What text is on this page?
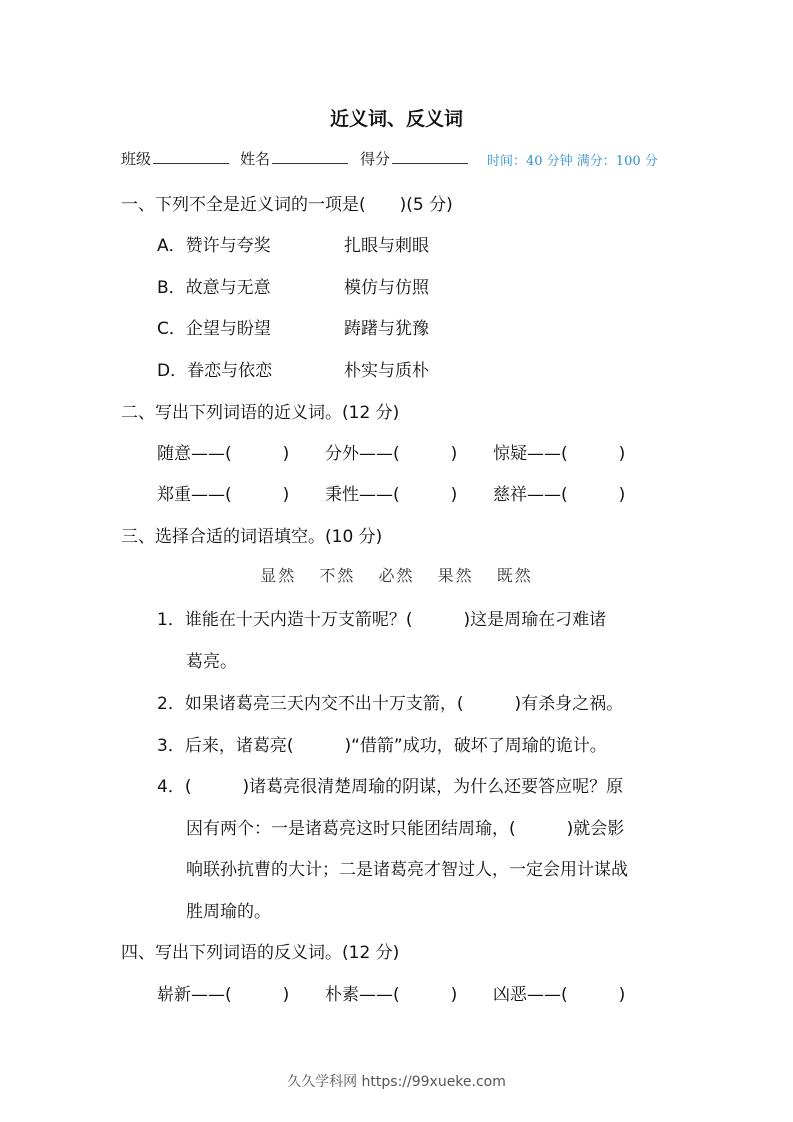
近义词、反义词
班级	姓名	得分	时间：40 分钟 满分：100 分
一、下列不全是近义词的一项是(　　)(5 分)
A．赞许与夸奖	扎眼与刺眼
B．故意与无意	模仿与仿照
C．企望与盼望	踌躇与犹豫
D．眷恋与依恋	朴实与质朴
二、写出下列词语的近义词。(12 分)
随意——(　　　) 分外——(　　　) 惊疑——(　　　)
郑重——(　　　) 秉性——(　　　) 慈祥——(　　　)
三、选择合适的词语填空。(10 分)
显然 不然 必然 果然 既然
1．谁能在十天内造十万支箭呢？(　　　)这是周瑜在刁难诸
葛亮。
2．如果诸葛亮三天内交不出十万支箭，(　　　)有杀身之祸。
3．后来，诸葛亮(　　　)“借箭”成功，破坏了周瑜的诡计。
4．(　　　)诸葛亮很清楚周瑜的阴谋，为什么还要答应呢？原
因有两个：一是诸葛亮这时只能团结周瑜，(　　　)就会影
响联孙抗曹的大计；二是诸葛亮才智过人，一定会用计谋战
胜周瑜的。
四、写出下列词语的反义词。(12 分)
崭新——(　　　) 朴素——(　　　) 凶恶——(　　　)
久久学科网 https://99xueke.com
